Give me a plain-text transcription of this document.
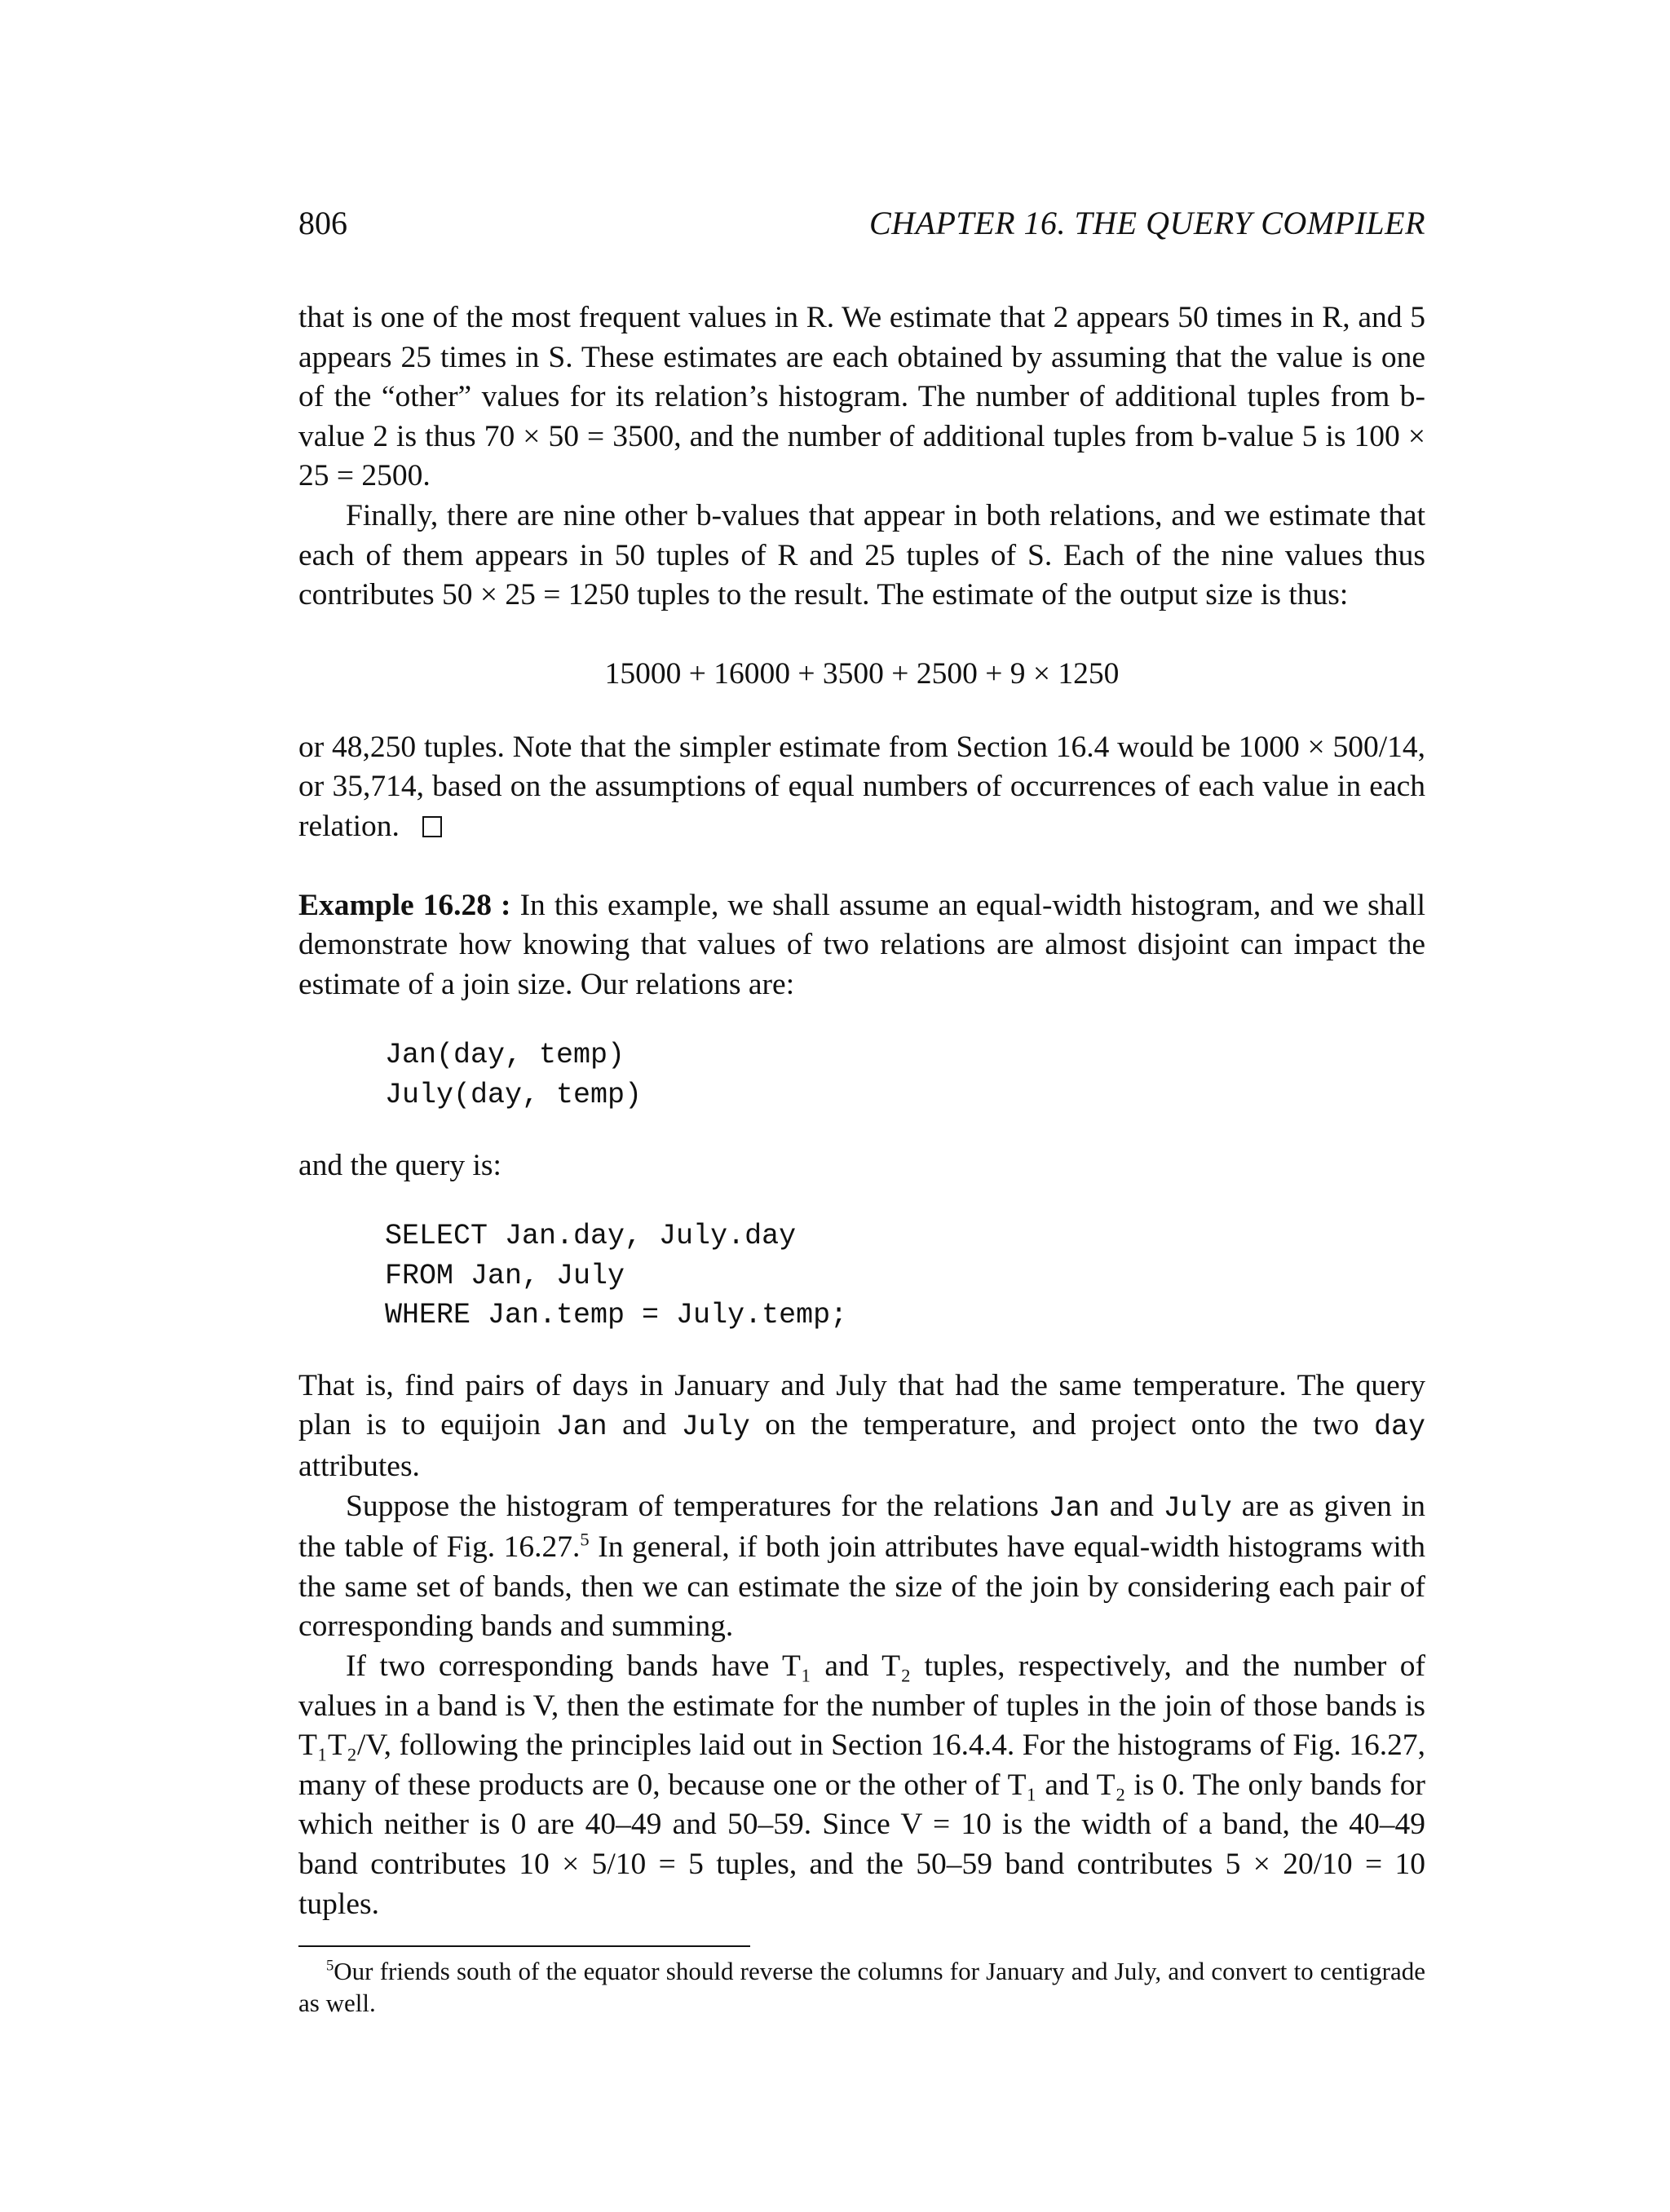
806	CHAPTER 16. THE QUERY COMPILER

that is one of the most frequent values in R. We estimate that 2 appears 50 times in R, and 5 appears 25 times in S. These estimates are each obtained by assuming that the value is one of the “other” values for its relation’s histogram. The number of additional tuples from b-value 2 is thus 70 × 50 = 3500, and the number of additional tuples from b-value 5 is 100 × 25 = 2500.

Finally, there are nine other b-values that appear in both relations, and we estimate that each of them appears in 50 tuples of R and 25 tuples of S. Each of the nine values thus contributes 50 × 25 = 1250 tuples to the result. The estimate of the output size is thus:

15000 + 16000 + 3500 + 2500 + 9 × 1250

or 48,250 tuples. Note that the simpler estimate from Section 16.4 would be 1000 × 500/14, or 35,714, based on the assumptions of equal numbers of occurrences of each value in each relation.

Example 16.28 : In this example, we shall assume an equal-width histogram, and we shall demonstrate how knowing that values of two relations are almost disjoint can impact the estimate of a join size. Our relations are:

Jan(day, temp)
July(day, temp)

and the query is:

SELECT Jan.day, July.day
FROM Jan, July
WHERE Jan.temp = July.temp;

That is, find pairs of days in January and July that had the same temperature. The query plan is to equijoin Jan and July on the temperature, and project onto the two day attributes.

Suppose the histogram of temperatures for the relations Jan and July are as given in the table of Fig. 16.27.$^5$ In general, if both join attributes have equal-width histograms with the same set of bands, then we can estimate the size of the join by considering each pair of corresponding bands and summing.

If two corresponding bands have T₁ and T₂ tuples, respectively, and the number of values in a band is V, then the estimate for the number of tuples in the join of those bands is T₁T₂/V, following the principles laid out in Section 16.4.4. For the histograms of Fig. 16.27, many of these products are 0, because one or the other of T₁ and T₂ is 0. The only bands for which neither is 0 are 40–49 and 50–59. Since V = 10 is the width of a band, the 40–49 band contributes 10 × 5/10 = 5 tuples, and the 50–59 band contributes 5 × 20/10 = 10 tuples.

$^5$Our friends south of the equator should reverse the columns for January and July, and convert to centigrade as well.
